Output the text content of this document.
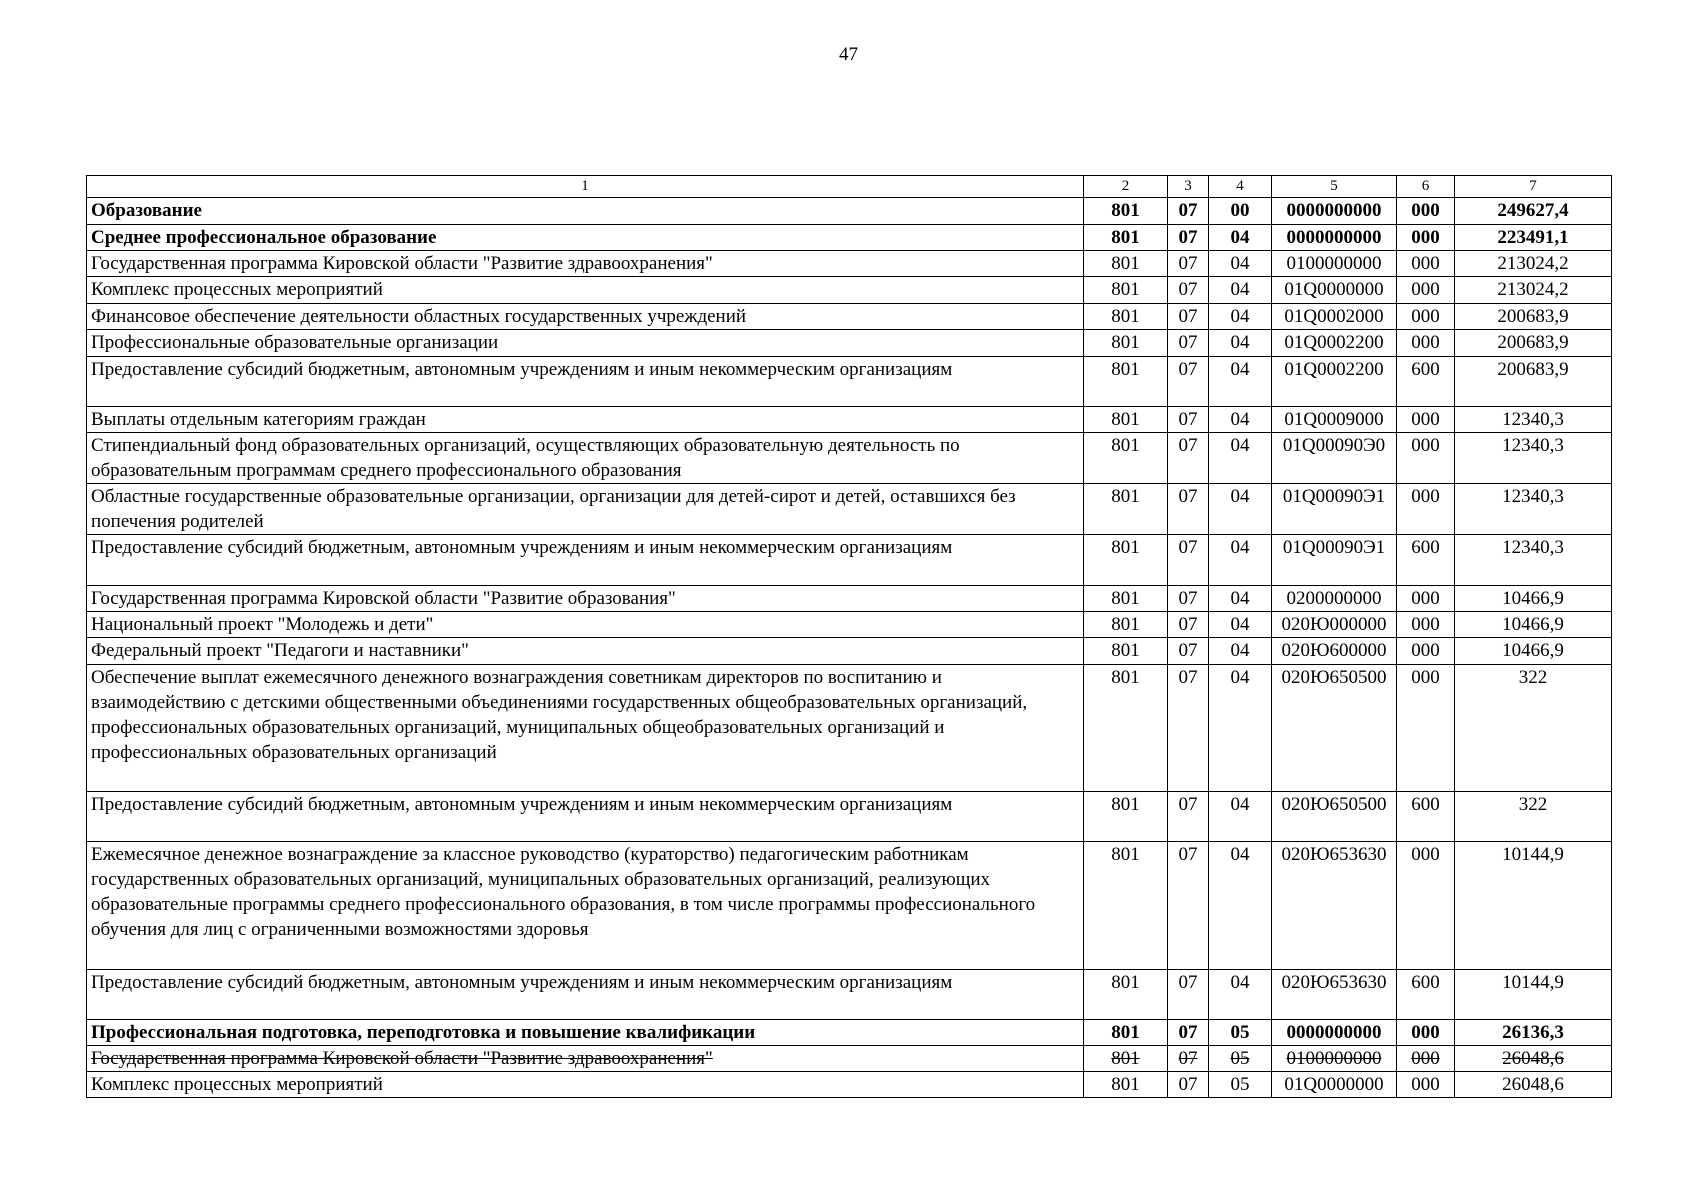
47
1	2	3	4	5	6	7
Образование	801	07	00	0000000000	000	249627,4
Среднее профессиональное образование	801	07	04	0000000000	000	223491,1
Государственная программа Кировской области "Развитие здравоохранения"	801	07	04	0100000000	000	213024,2
Комплекс процессных мероприятий	801	07	04	01Q0000000	000	213024,2
Финансовое обеспечение деятельности областных государственных учреждений	801	07	04	01Q0002000	000	200683,9
Профессиональные образовательные организации	801	07	04	01Q0002200	000	200683,9
Предоставление субсидий бюджетным, автономным учреждениям и иным некоммерческим организациям	801	07	04	01Q0002200	600	200683,9
Выплаты отдельным категориям граждан	801	07	04	01Q0009000	000	12340,3
Стипендиальный фонд образовательных организаций, осуществляющих образовательную деятельность по образовательным программам среднего профессионального образования	801	07	04	01Q00090Э0	000	12340,3
Областные государственные образовательные организации, организации для детей-сирот и детей, оставшихся без попечения родителей	801	07	04	01Q00090Э1	000	12340,3
Предоставление субсидий бюджетным, автономным учреждениям и иным некоммерческим организациям	801	07	04	01Q00090Э1	600	12340,3
Государственная программа Кировской области "Развитие образования"	801	07	04	0200000000	000	10466,9
Национальный проект "Молодежь и дети"	801	07	04	020Ю000000	000	10466,9
Федеральный проект "Педагоги и наставники"	801	07	04	020Ю600000	000	10466,9
Обеспечение выплат ежемесячного денежного вознаграждения советникам директоров по воспитанию и взаимодействию с детскими общественными объединениями государственных общеобразовательных организаций, профессиональных образовательных организаций, муниципальных общеобразовательных организаций и профессиональных образовательных организаций	801	07	04	020Ю650500	000	322
Предоставление субсидий бюджетным, автономным учреждениям и иным некоммерческим организациям	801	07	04	020Ю650500	600	322
Ежемесячное денежное вознаграждение за классное руководство (кураторство) педагогическим работникам государственных образовательных организаций, муниципальных образовательных организаций, реализующих образовательные программы среднего профессионального образования, в том числе программы профессионального обучения для лиц с ограниченными возможностями здоровья	801	07	04	020Ю653630	000	10144,9
Предоставление субсидий бюджетным, автономным учреждениям и иным некоммерческим организациям	801	07	04	020Ю653630	600	10144,9
Профессиональная подготовка, переподготовка и повышение квалификации	801	07	05	0000000000	000	26136,3
Государственная программа Кировской области "Развитие здравоохранения"	801	07	05	0100000000	000	26048,6
Комплекс процессных мероприятий	801	07	05	01Q0000000	000	26048,6
